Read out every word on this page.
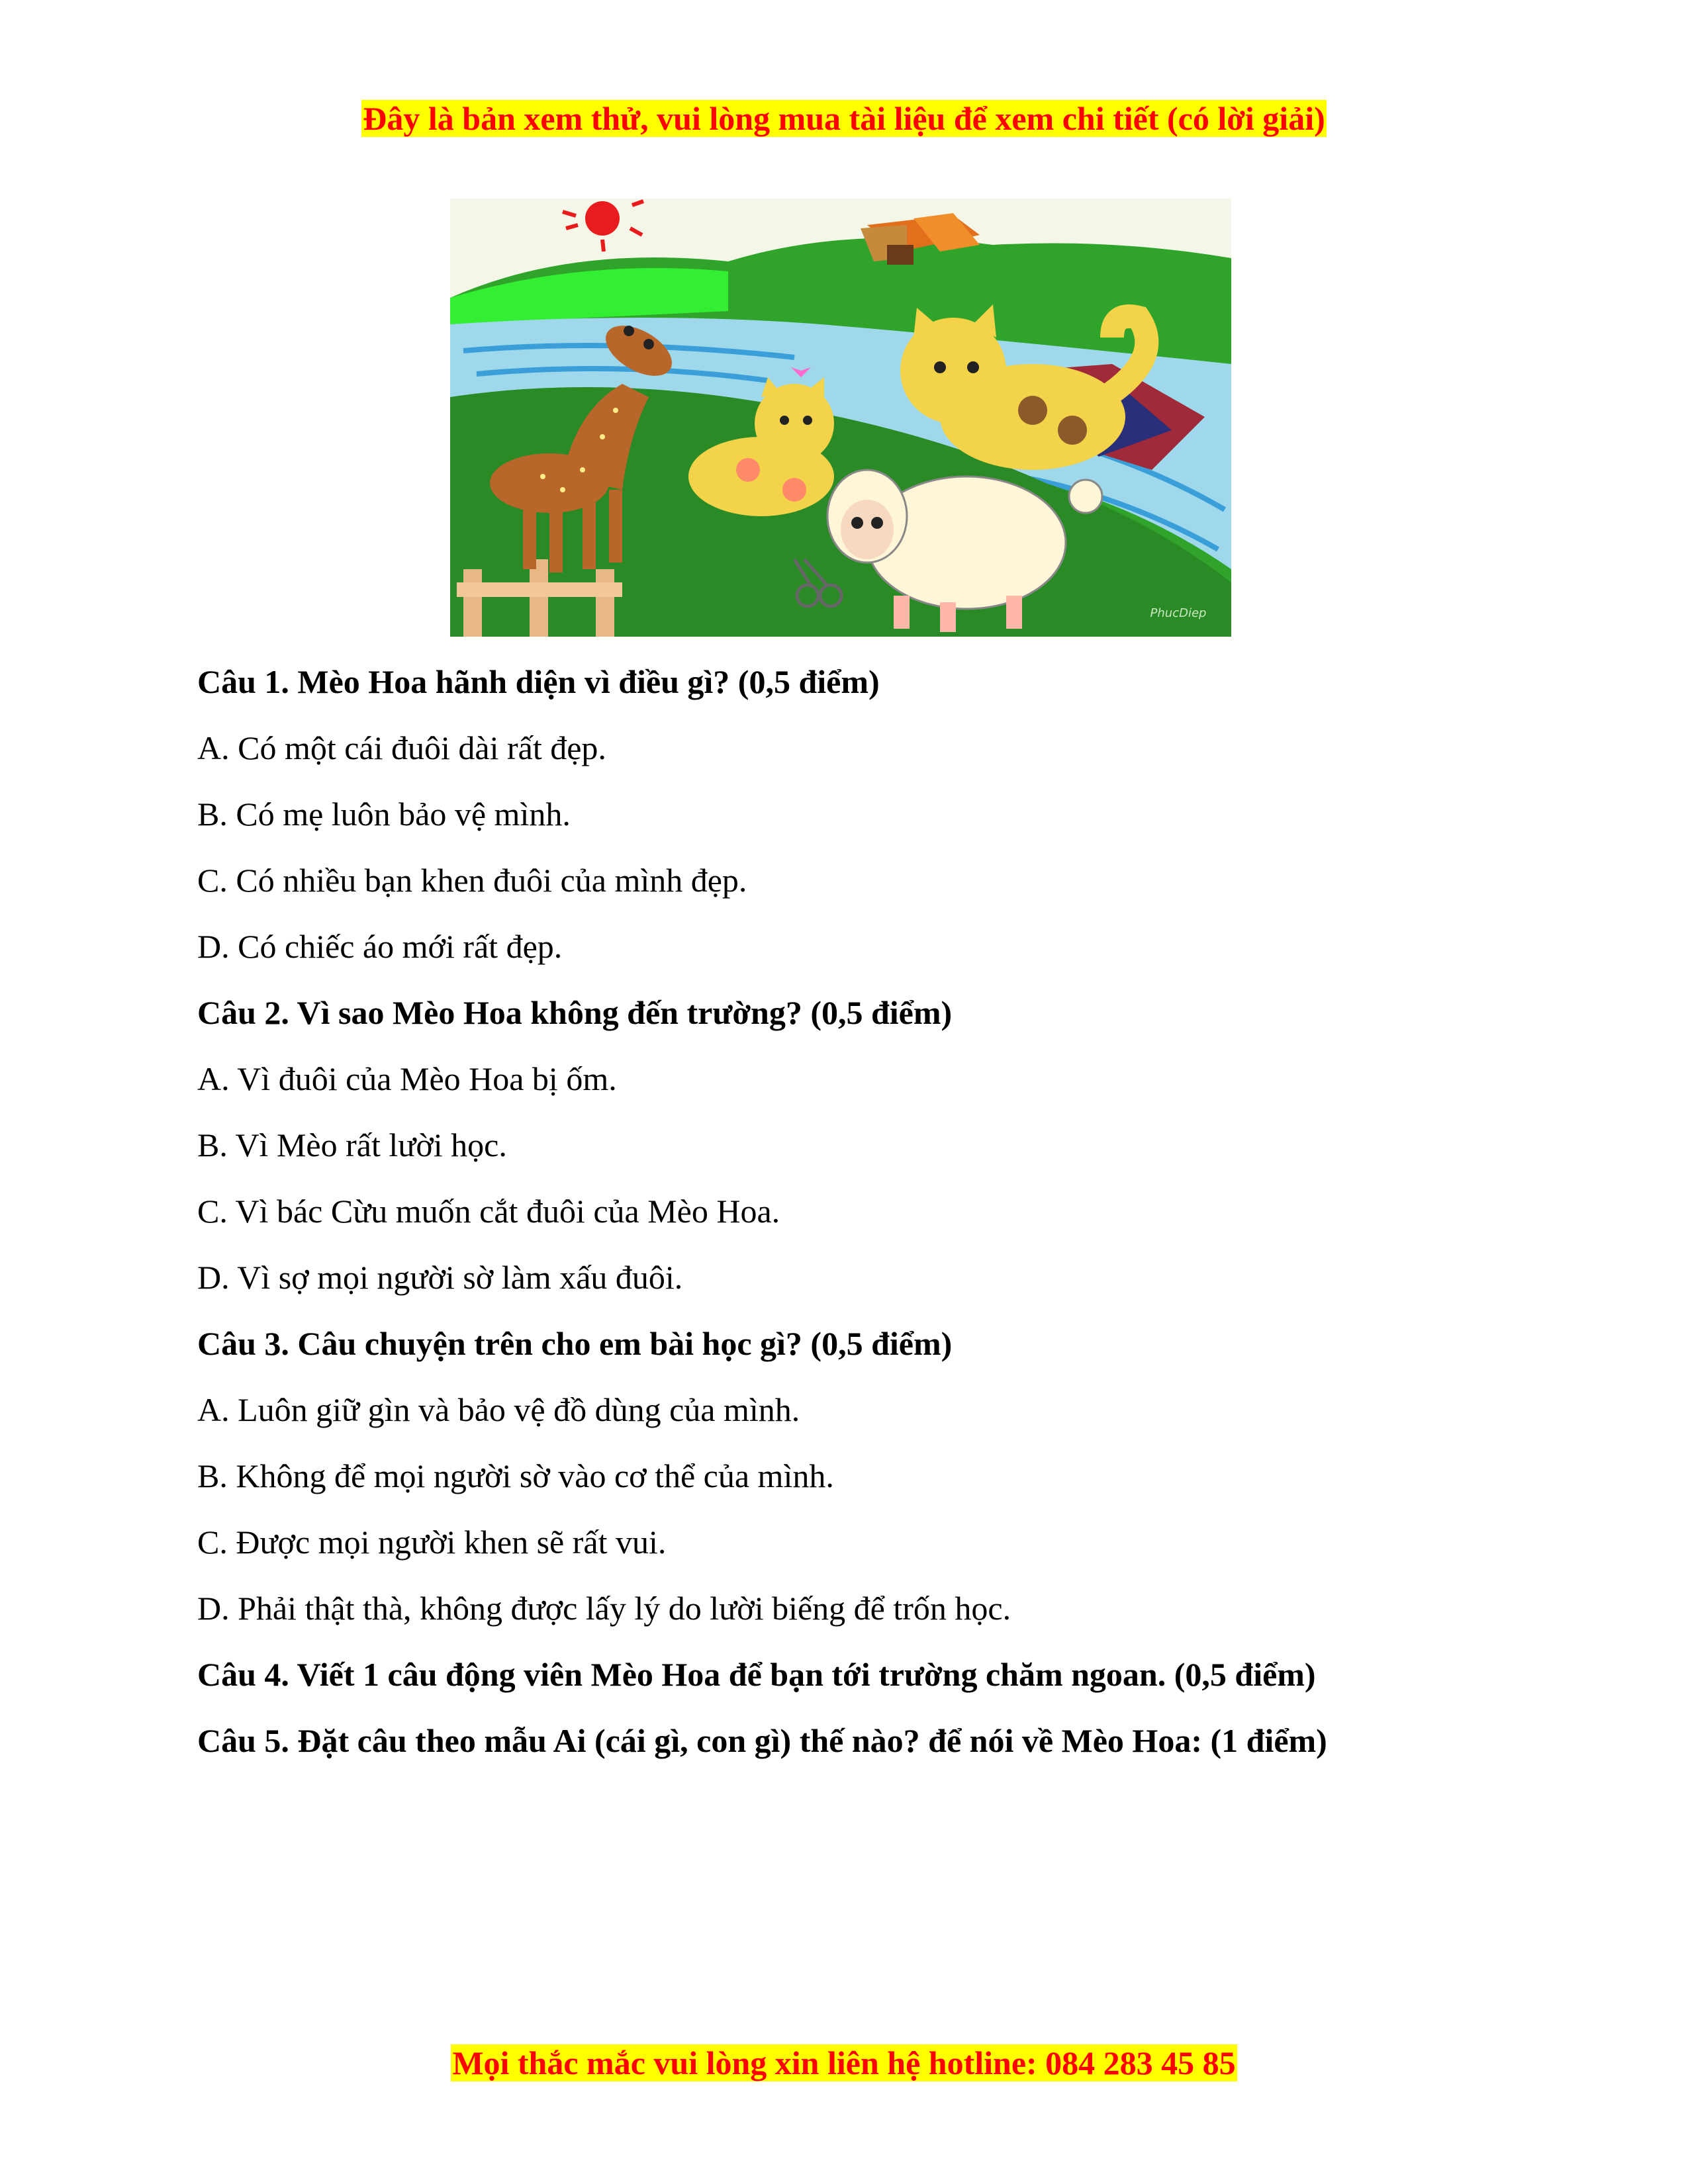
Đây là bản xem thử, vui lòng mua tài liệu để xem chi tiết (có lời giải)
PhucDiep

Câu 1. Mèo Hoa hãnh diện vì điều gì? (0,5 điểm)

A. Có một cái đuôi dài rất đẹp.

B. Có mẹ luôn bảo vệ mình.

C. Có nhiều bạn khen đuôi của mình đẹp.

D. Có chiếc áo mới rất đẹp.

Câu 2. Vì sao Mèo Hoa không đến trường? (0,5 điểm)

A. Vì đuôi của Mèo Hoa bị ốm.

B. Vì Mèo rất lười học.

C. Vì bác Cừu muốn cắt đuôi của Mèo Hoa.

D. Vì sợ mọi người sờ làm xấu đuôi.

Câu 3. Câu chuyện trên cho em bài học gì? (0,5 điểm)

A. Luôn giữ gìn và bảo vệ đồ dùng của mình.

B. Không để mọi người sờ vào cơ thể của mình.

C. Được mọi người khen sẽ rất vui.

D. Phải thật thà, không được lấy lý do lười biếng để trốn học.

Câu 4. Viết 1 câu động viên Mèo Hoa để bạn tới trường chăm ngoan. (0,5 điểm)

Câu 5. Đặt câu theo mẫu Ai (cái gì, con gì) thế nào? để nói về Mèo Hoa: (1 điểm)

Mọi thắc mắc vui lòng xin liên hệ hotline: 084 283 45 85
